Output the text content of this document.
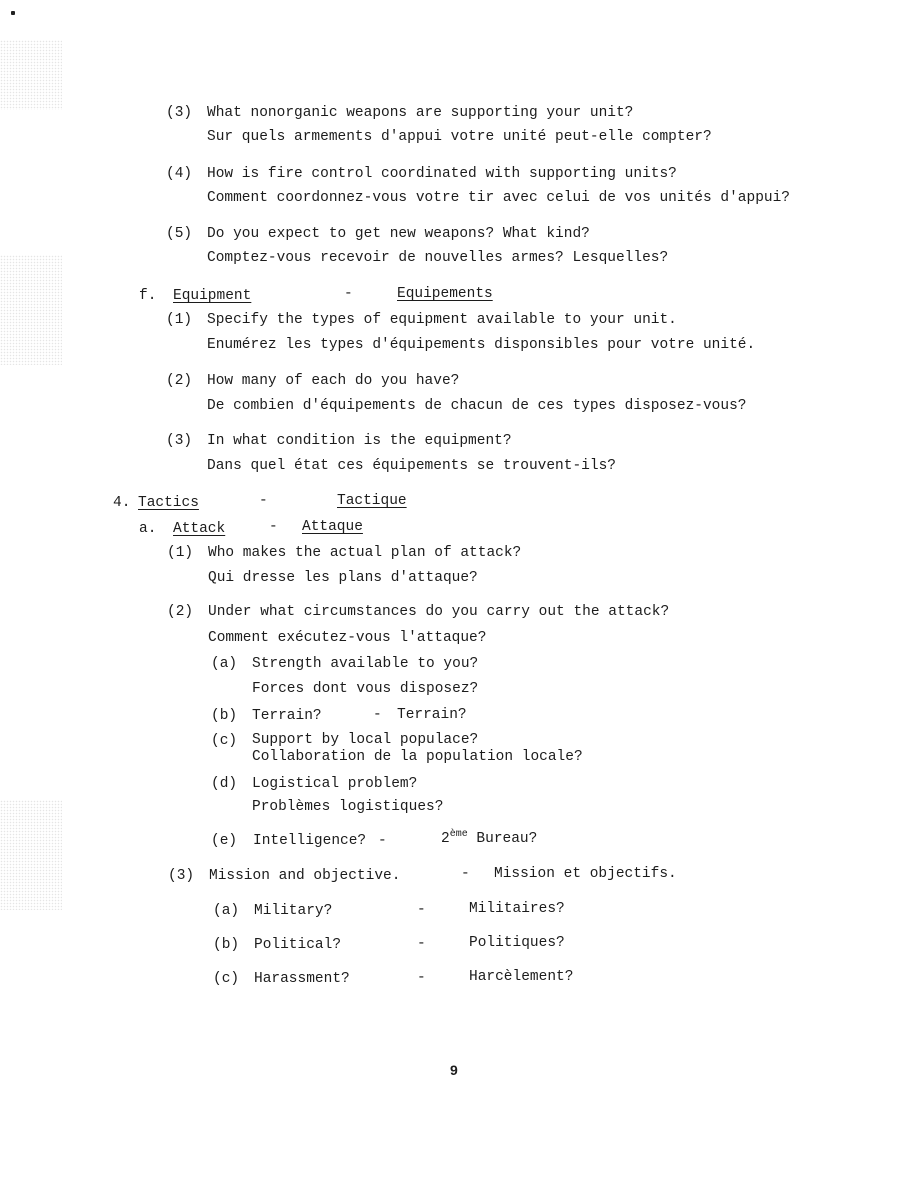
(3) What nonorganic weapons are supporting your unit?
Sur quels armements d'appui votre unité peut-elle compter?
(4) How is fire control coordinated with supporting units?
Comment coordonnez-vous votre tir avec celui de vos unités d'appui?
(5) Do you expect to get new weapons? What kind?
Comptez-vous recevoir de nouvelles armes? Lesquelles?
f. Equipment	-	Equipements
(1) Specify the types of equipment available to your unit.
Enumérez les types d'équipements disponsibles pour votre unité.
(2) How many of each do you have?
De combien d'équipements de chacun de ces types disposez-vous?
(3) In what condition is the equipment?
Dans quel état ces équipements se trouvent-ils?
4. Tactics	-	Tactique
a. Attack	- Attaque
(1) Who makes the actual plan of attack?
Qui dresse les plans d'attaque?
(2) Under what circumstances do you carry out the attack?
Comment exécutez-vous l'attaque?
(a) Strength available to you?
Forces dont vous disposez?
(b) Terrain?	- Terrain?
(c) Support by local populace?
Collaboration de la population locale?
(d) Logistical problem?
Problèmes logistiques?
(e) Intelligence? -	2ème Bureau?
(3) Mission and objective.	- Mission et objectifs.
(a) Military?	-	Militaires?
(b) Political?	-	Politiques?
(c) Harassment?	-	Harcèlement?
9
